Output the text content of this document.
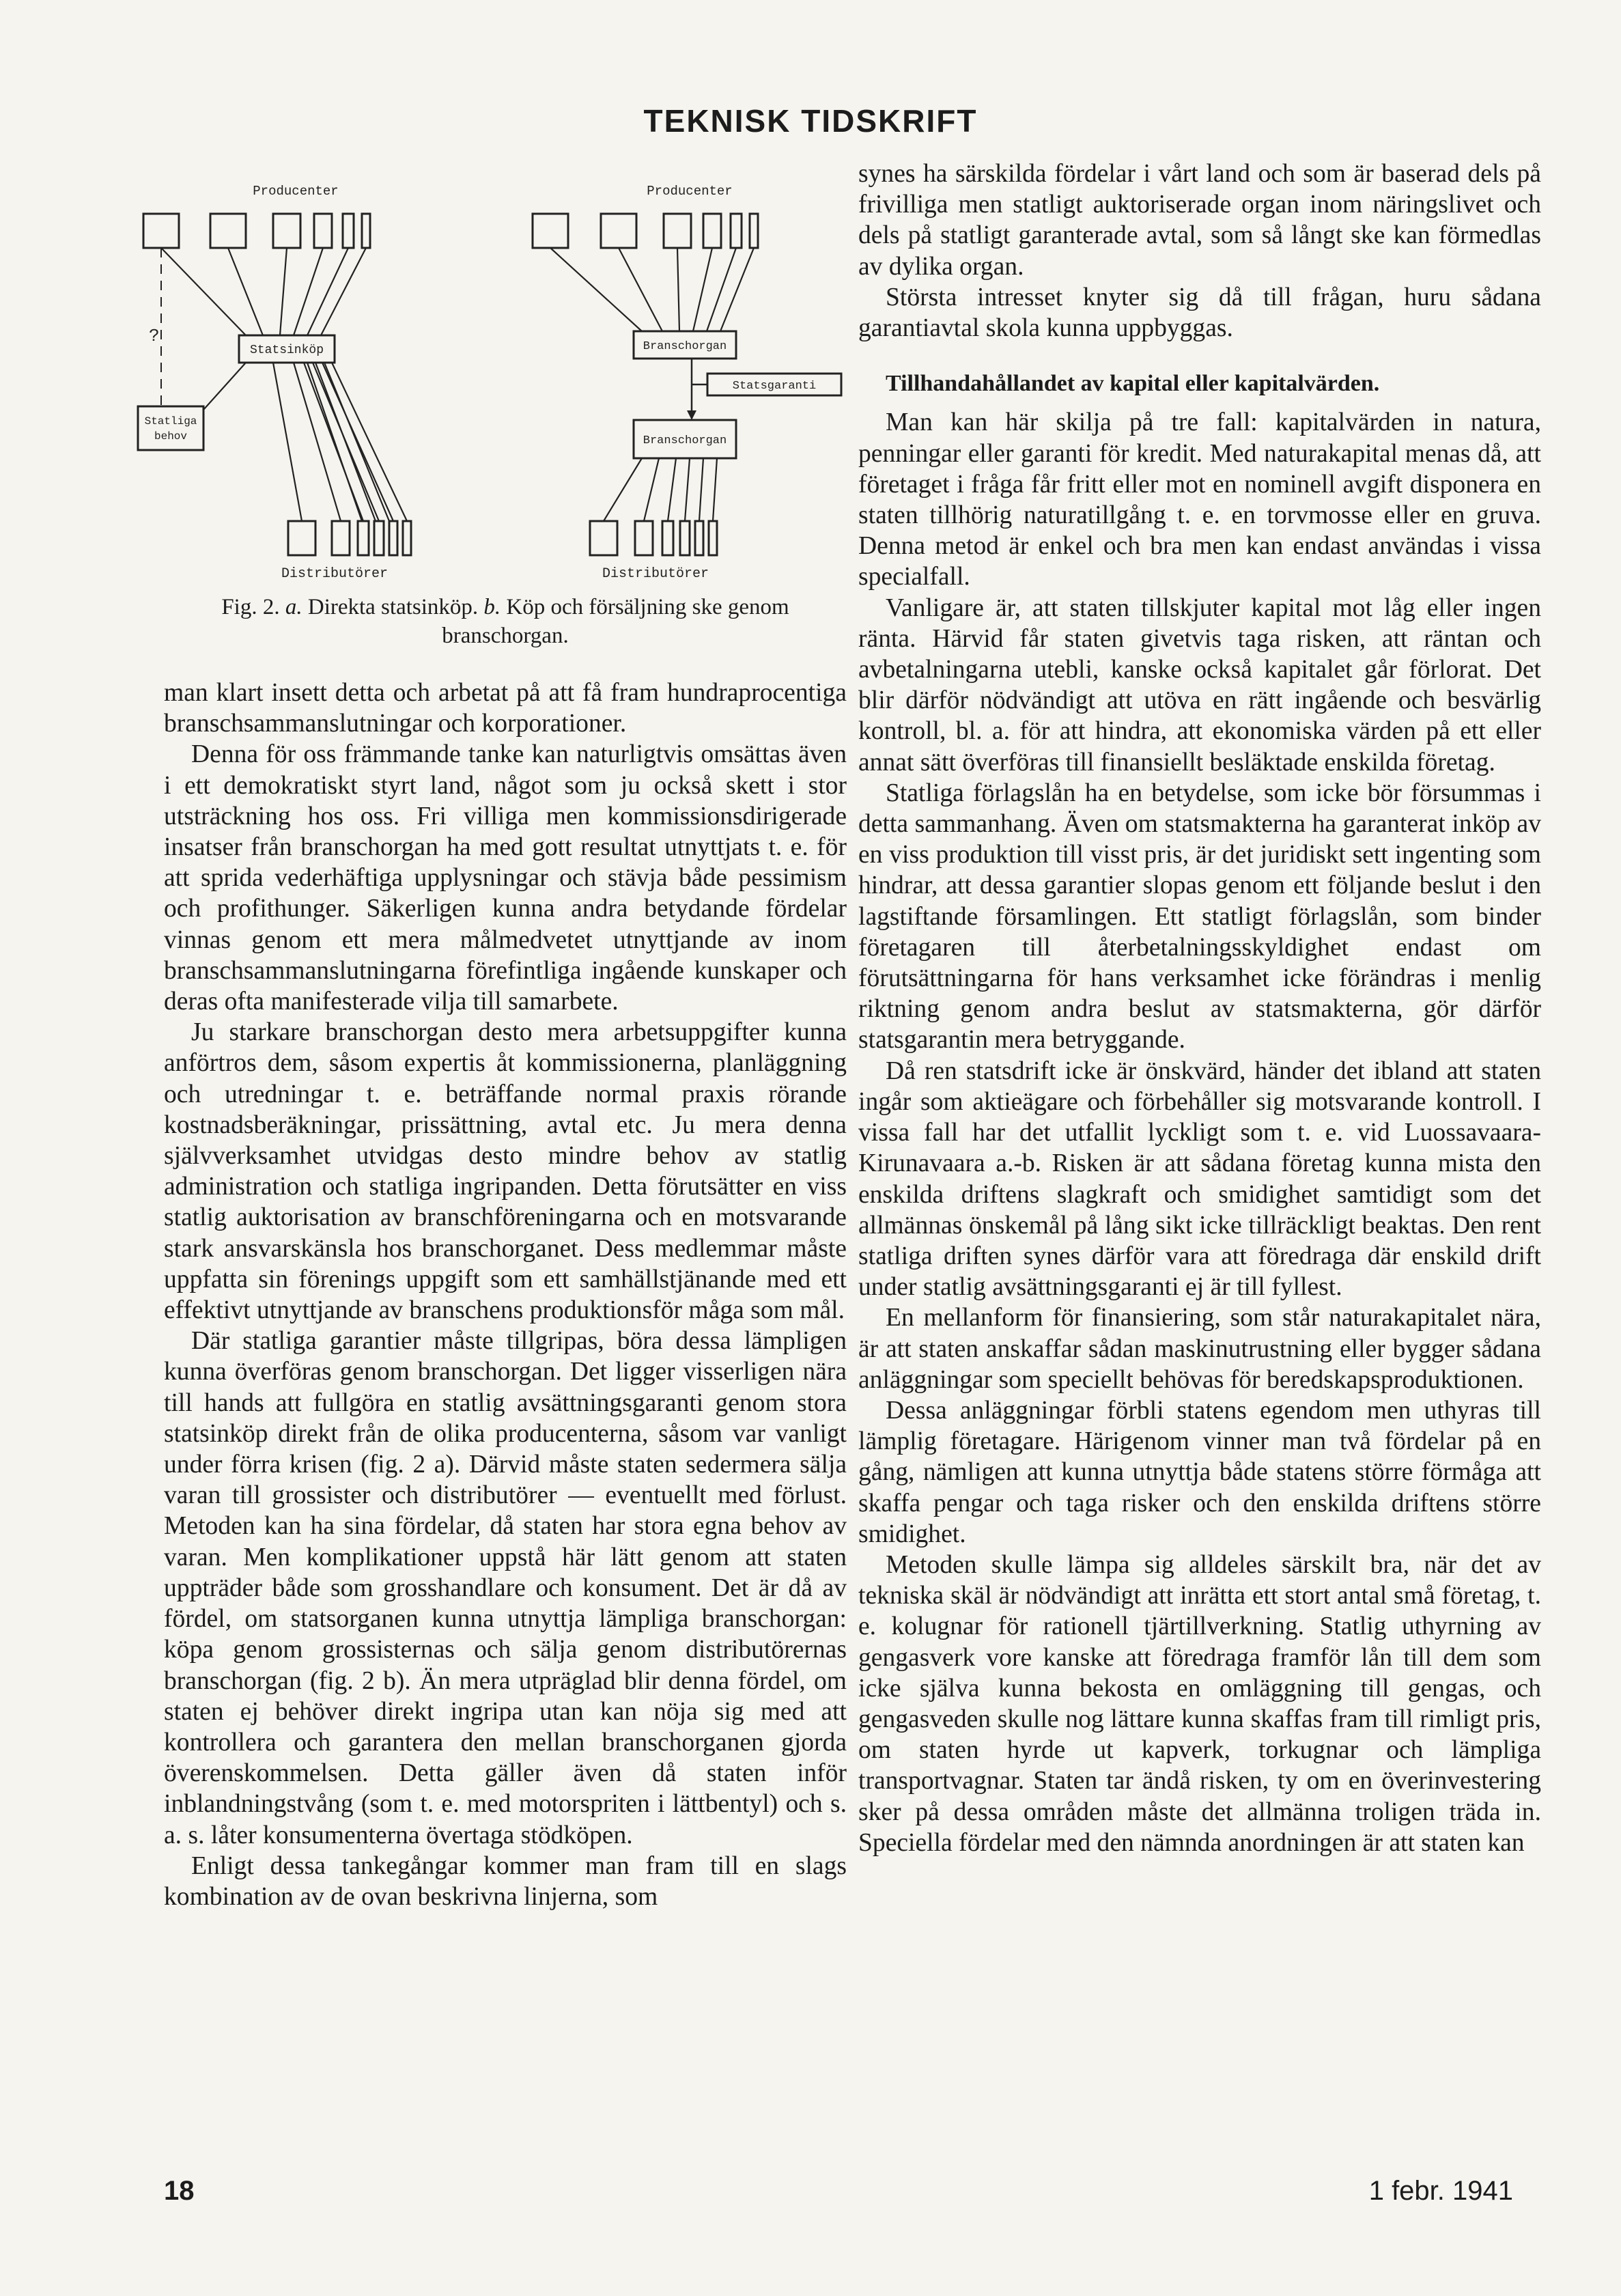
TEKNISK TIDSKRIFT
Producenter
Statsinköp
Statliga
behov
?
Distributörer
Producenter
Branschorgan
Statsgaranti
Branschorgan
Distributörer
Fig. 2. a. Direkta statsinköp. b. Köp och försäljning ske genom branschorgan.

man klart insett detta och arbetat på att få fram hundraprocentiga branschsammanslutningar och korporationer.

Denna för oss främmande tanke kan naturligtvis omsättas även i ett demokratiskt styrt land, något som ju också skett i stor utsträckning hos oss. Fri villiga men kommissionsdirigerade insatser från branschorgan ha med gott resultat utnyttjats t. e. för att sprida vederhäftiga upplysningar och stävja både pessimism och profithunger. Säkerligen kunna andra betydande fördelar vinnas genom ett mera målmedvetet utnyttjande av inom branschsammanslutningarna förefintliga ingående kunskaper och deras ofta manifesterade vilja till samarbete.

Ju starkare branschorgan desto mera arbetsuppgifter kunna anförtros dem, såsom expertis åt kommissionerna, planläggning och utredningar t. e. beträffande normal praxis rörande kostnadsberäkningar, prissättning, avtal etc. Ju mera denna självverksamhet utvidgas desto mindre behov av statlig administration och statliga ingripanden. Detta förutsätter en viss statlig auktorisation av branschföreningarna och en motsvarande stark ansvarskänsla hos branschorganet. Dess medlemmar måste uppfatta sin förenings uppgift som ett samhällstjänande med ett effektivt utnyttjande av branschens produktionsför måga som mål.

Där statliga garantier måste tillgripas, böra dessa lämpligen kunna överföras genom branschorgan. Det ligger visserligen nära till hands att fullgöra en statlig avsättningsgaranti genom stora statsinköp direkt från de olika producenterna, såsom var vanligt under förra krisen (fig. 2 a). Därvid måste staten sedermera sälja varan till grossister och distributörer — eventuellt med förlust. Metoden kan ha sina fördelar, då staten har stora egna behov av varan. Men komplikationer uppstå här lätt genom att staten uppträder både som grosshandlare och konsument. Det är då av fördel, om statsorganen kunna utnyttja lämpliga branschorgan: köpa genom grossisternas och sälja genom distributörernas branschorgan (fig. 2 b). Än mera utpräglad blir denna fördel, om staten ej behöver direkt ingripa utan kan nöja sig med att kontrollera och garantera den mellan branschorganen gjorda överenskommelsen. Detta gäller även då staten inför inblandningstvång (som t. e. med motorspriten i lättbentyl) och s. a. s. låter konsumenterna övertaga stödköpen.

Enligt dessa tankegångar kommer man fram till en slags kombination av de ovan beskrivna linjerna, som

synes ha särskilda fördelar i vårt land och som är baserad dels på frivilliga men statligt auktoriserade organ inom näringslivet och dels på statligt garanterade avtal, som så långt ske kan förmedlas av dylika organ.

Största intresset knyter sig då till frågan, huru sådana garantiavtal skola kunna uppbyggas.

Tillhandahållandet av kapital eller kapitalvärden.

Man kan här skilja på tre fall: kapitalvärden in natura, penningar eller garanti för kredit. Med naturakapital menas då, att företaget i fråga får fritt eller mot en nominell avgift disponera en staten tillhörig naturatillgång t. e. en torvmosse eller en gruva. Denna metod är enkel och bra men kan endast användas i vissa specialfall.

Vanligare är, att staten tillskjuter kapital mot låg eller ingen ränta. Härvid får staten givetvis taga risken, att räntan och avbetalningarna utebli, kanske också kapitalet går förlorat. Det blir därför nödvändigt att utöva en rätt ingående och besvärlig kontroll, bl. a. för att hindra, att ekonomiska värden på ett eller annat sätt överföras till finansiellt besläktade enskilda företag.

Statliga förlagslån ha en betydelse, som icke bör försummas i detta sammanhang. Även om statsmakterna ha garanterat inköp av en viss produktion till visst pris, är det juridiskt sett ingenting som hindrar, att dessa garantier slopas genom ett följande beslut i den lagstiftande församlingen. Ett statligt förlagslån, som binder företagaren till återbetalningsskyldighet endast om förutsättningarna för hans verksamhet icke förändras i menlig riktning genom andra beslut av statsmakterna, gör därför statsgarantin mera betryggande.

Då ren statsdrift icke är önskvärd, händer det ibland att staten ingår som aktieägare och förbehåller sig motsvarande kontroll. I vissa fall har det utfallit lyckligt som t. e. vid Luossavaara-Kirunavaara a.-b. Risken är att sådana företag kunna mista den enskilda driftens slagkraft och smidighet samtidigt som det allmännas önskemål på lång sikt icke tillräckligt beaktas. Den rent statliga driften synes därför vara att föredraga där enskild drift under statlig avsättningsgaranti ej är till fyllest.

En mellanform för finansiering, som står naturakapitalet nära, är att staten anskaffar sådan maskinutrustning eller bygger sådana anläggningar som speciellt behövas för beredskapsproduktionen.

Dessa anläggningar förbli statens egendom men uthyras till lämplig företagare. Härigenom vinner man två fördelar på en gång, nämligen att kunna utnyttja både statens större förmåga att skaffa pengar och taga risker och den enskilda driftens större smidighet.

Metoden skulle lämpa sig alldeles särskilt bra, när det av tekniska skäl är nödvändigt att inrätta ett stort antal små företag, t. e. kolugnar för rationell tjärtillverkning. Statlig uthyrning av gengasverk vore kanske att föredraga framför lån till dem som icke själva kunna bekosta en omläggning till gengas, och gengasveden skulle nog lättare kunna skaffas fram till rimligt pris, om staten hyrde ut kapverk, torkugnar och lämpliga transportvagnar. Staten tar ändå risken, ty om en överinvestering sker på dessa områden måste det allmänna troligen träda in. Speciella fördelar med den nämnda anordningen är att staten kan

18	1 febr. 1941
